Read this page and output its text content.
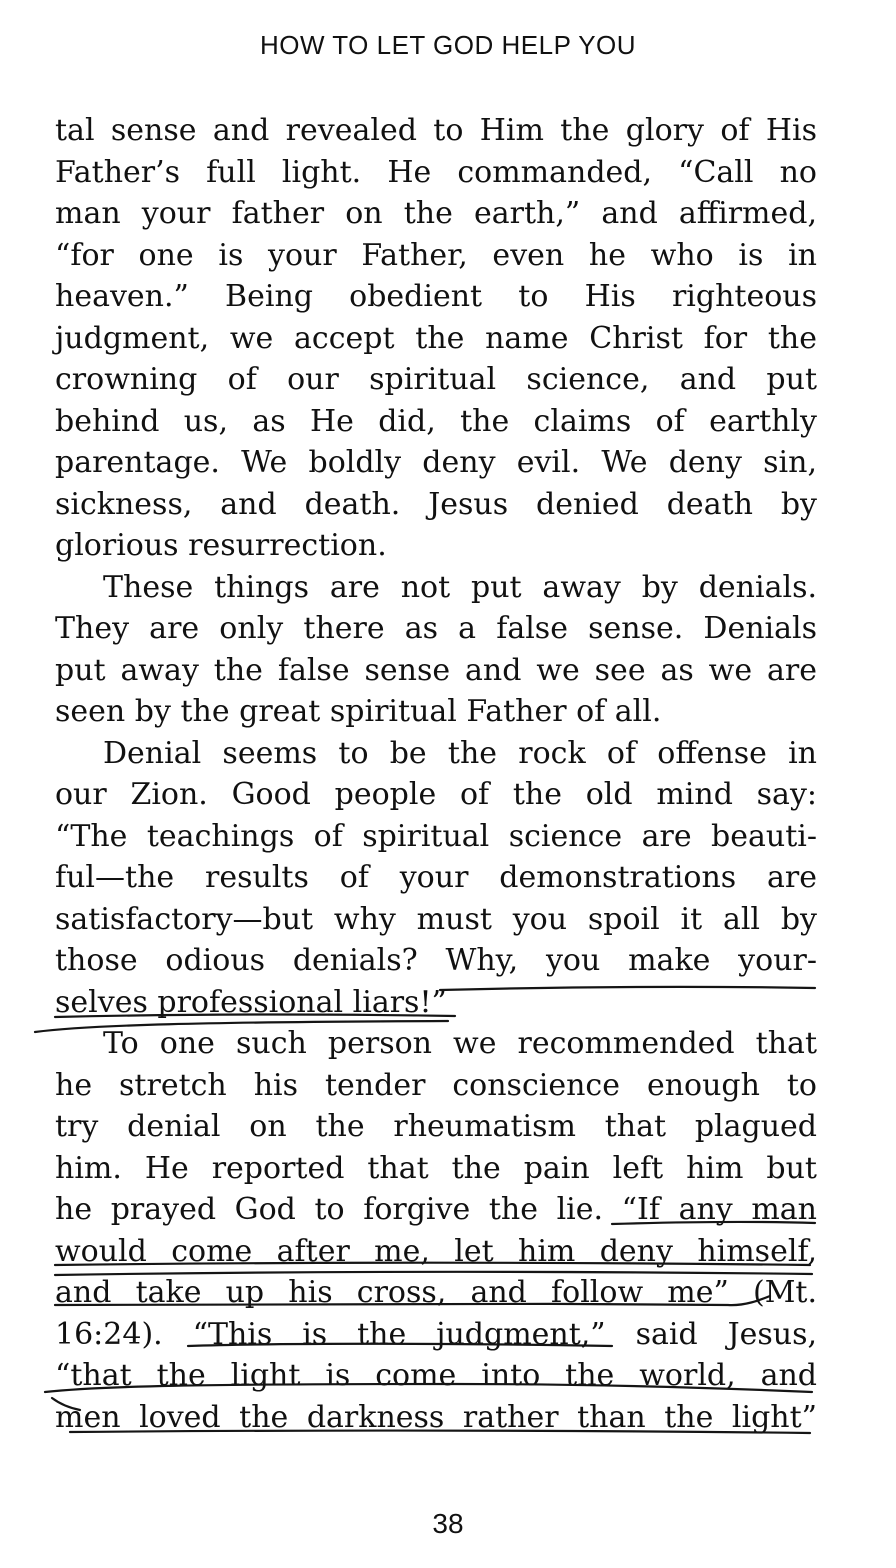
HOW TO LET GOD HELP YOU
tal sense and revealed to Him the glory of His
Father’s full light. He commanded, “Call no
man your father on the earth,” and affirmed,
“for one is your Father, even he who is in
heaven.” Being obedient to His righteous
judgment, we accept the name Christ for the
crowning of our spiritual science, and put
behind us, as He did, the claims of earthly
parentage. We boldly deny evil. We deny sin,
sickness, and death. Jesus denied death by
glorious resurrection.
These things are not put away by denials.
They are only there as a false sense. Denials
put away the false sense and we see as we are
seen by the great spiritual Father of all.
Denial seems to be the rock of offense in
our Zion. Good people of the old mind say:
“The teachings of spiritual science are beauti-
ful—the results of your demonstrations are
satisfactory—but why must you spoil it all by
those odious denials? Why, you make your-
selves professional liars!”
To one such person we recommended that
he stretch his tender conscience enough to
try denial on the rheumatism that plagued
him. He reported that the pain left him but
he prayed God to forgive the lie. “If any man
would come after me, let him deny himself,
and take up his cross, and follow me” (Mt.
16:24). “This is the judgment,” said Jesus,
“that the light is come into the world, and
men loved the darkness rather than the light”
38
